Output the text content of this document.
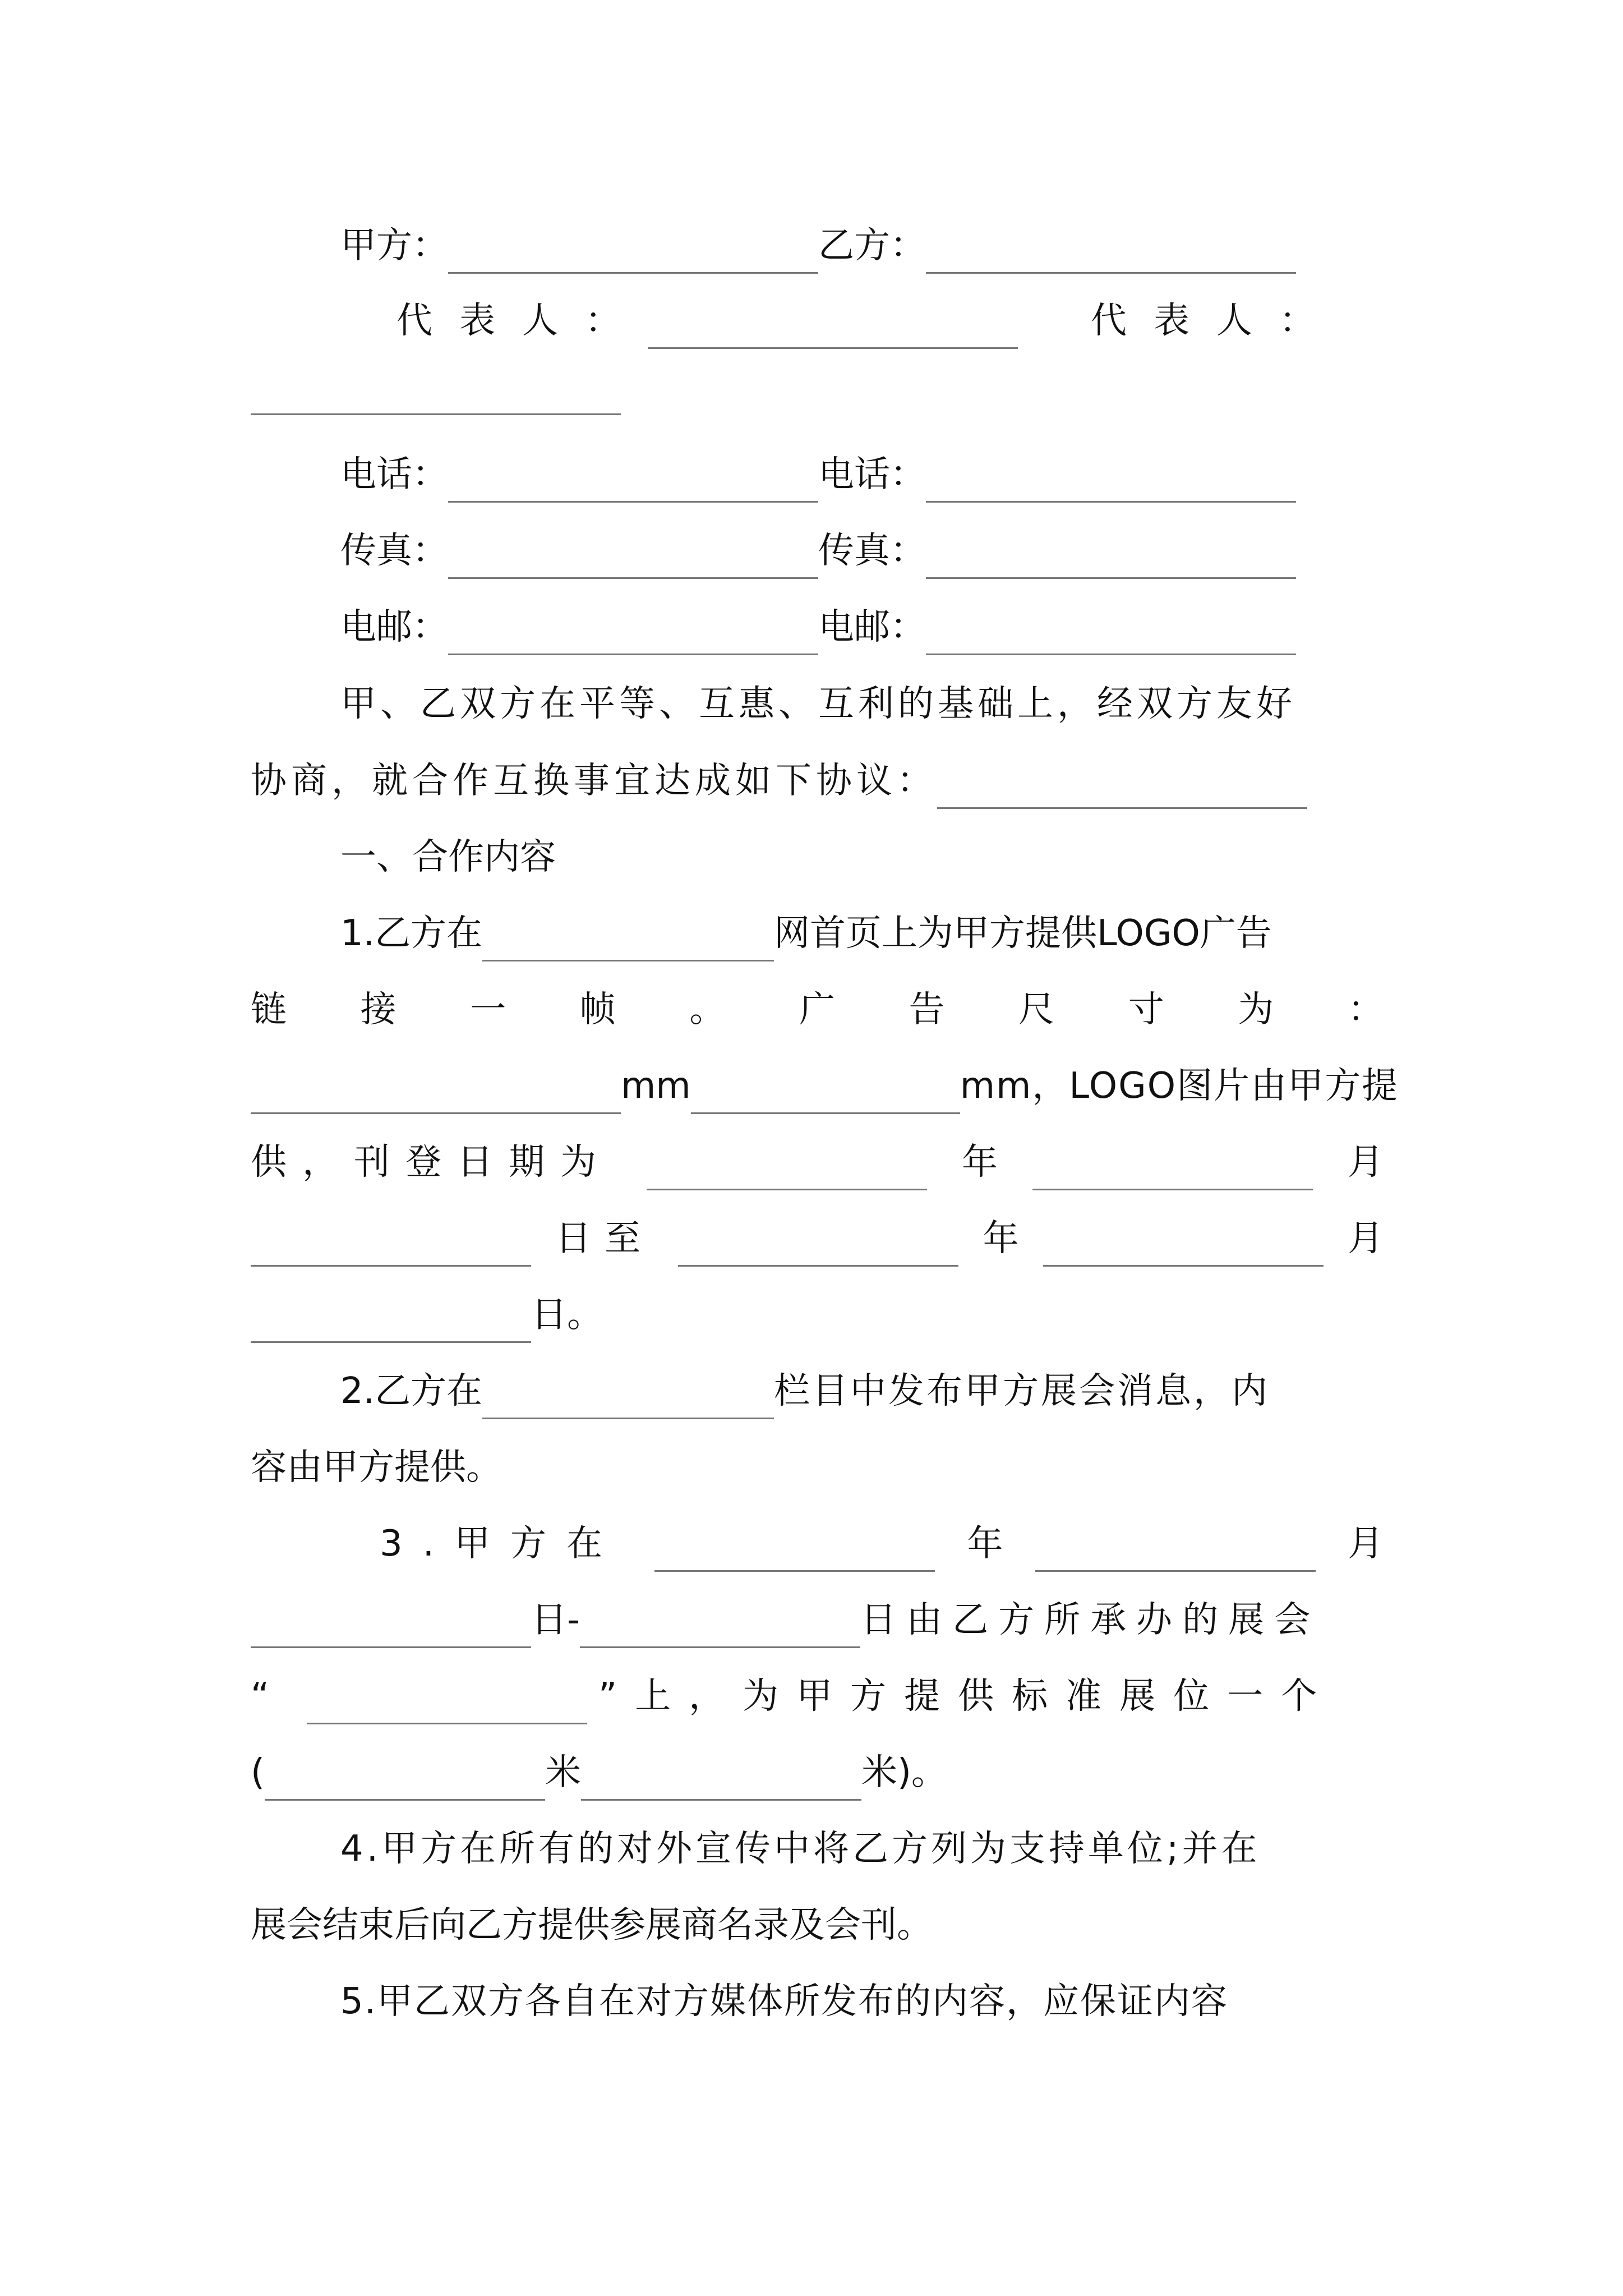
甲方：	乙方：
代表人：	代表人：
电话：	电话：
传真：	传真：
电邮：	电邮：
甲、乙双方在平等、互惠、互利的基础上，经双方友好
协商，就合作互换事宜达成如下协议：
一、合作内容
1.乙方在	网首页上为甲方提供LOGO广告
链 接 一 帧 。 广 告 尺 寸 为 ：
mm	mm，LOGO图片由甲方提
供，刊登日期为	年	月
日至	年	月
日。
2.乙方在	栏目中发布甲方展会消息，内
容由甲方提供。
3.甲方在	年	月
日-	日由乙方所承办的展会
“	”上，为甲方提供标准展位一个
(	米	米)。
4.甲方在所有的对外宣传中将乙方列为支持单位;并在
展会结束后向乙方提供参展商名录及会刊。
5.甲乙双方各自在对方媒体所发布的内容，应保证内容
